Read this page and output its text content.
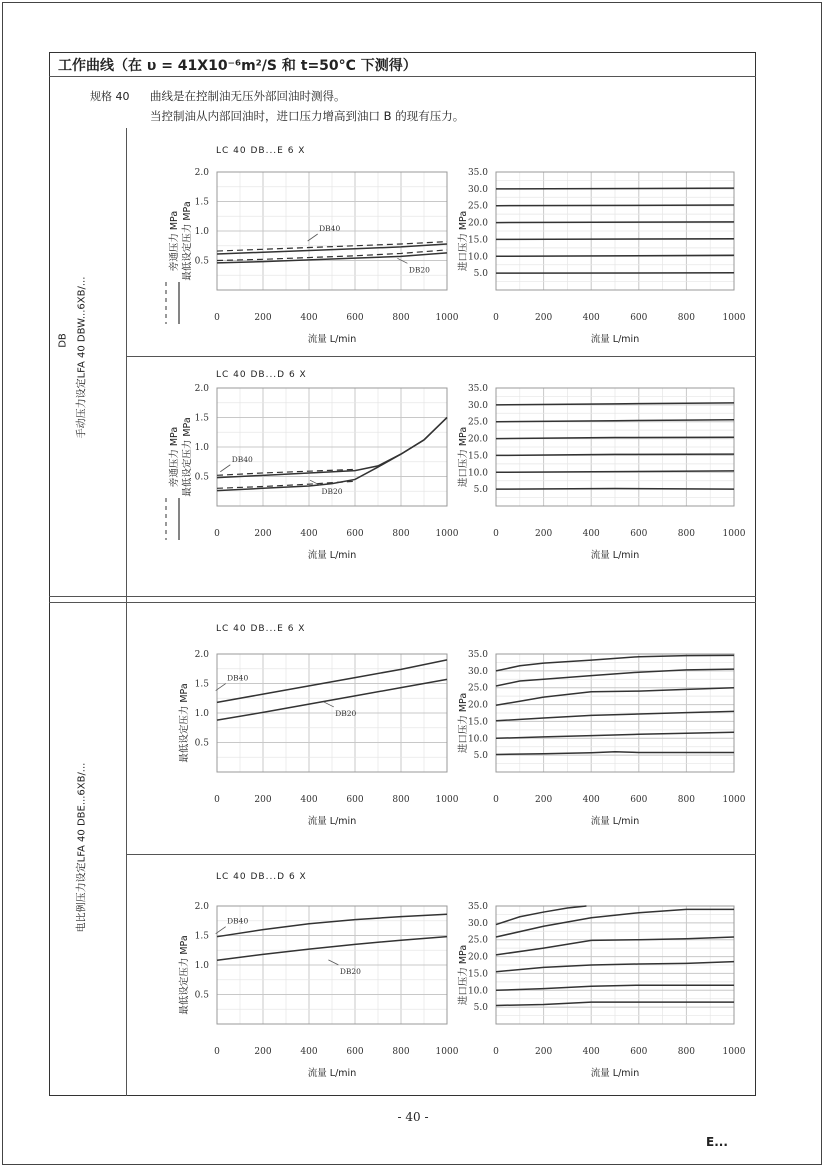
工作曲线（在 υ = 41X10⁻⁶m²/S 和 t=50°C 下测得）
规格 40 曲线是在控制油无压外部回油时测得。
当控制油从内部回油时，进口压力增高到油口 B 的现有压力。
DB 手动压力设定LFA 40 DBW...6XB/...
电比例压力设定LFA 40 DBE...6XB/...
- 40 -
E...
LC 40 DB...E 6 X
0	200	400	600	800	1000
0.5
1.0
1.5
2.0
流量 L/min
旁通压力 MPa 最低设定压力 MPa	DB40
DB20
0	200	400	600	800	1000
5.0
10.0
15.0
20.0
25.0
30.0
35.0
流量 L/min
进口压力 MPa
LC 40 DB...D 6 X
0	200	400	600	800	1000
0.5
1.0
1.5
2.0
流量 L/min
旁通压力 MPa 最低设定压力 MPa	DB40
DB20
0	200	400	600	800	1000
5.0
10.0
15.0
20.0
25.0
30.0
35.0
流量 L/min
进口压力 MPa
LC 40 DB...E 6 X
0	200	400	600	800	1000
0.5
1.0
1.5
2.0
流量 L/min
最低设定压力 MPa
DB40
DB20
0	200	400	600	800	1000
5.0
10.0
15.0
20.0
25.0
30.0
35.0
流量 L/min
进口压力 MPa
LC 40 DB...D 6 X
0	200	400	600	800	1000
0.5
1.0
1.5
2.0
流量 L/min
最低设定压力 MPa
DB40
DB20
0	200	400	600	800	1000
5.0
10.0
15.0
20.0
25.0
30.0
35.0
流量 L/min
进口压力 MPa
